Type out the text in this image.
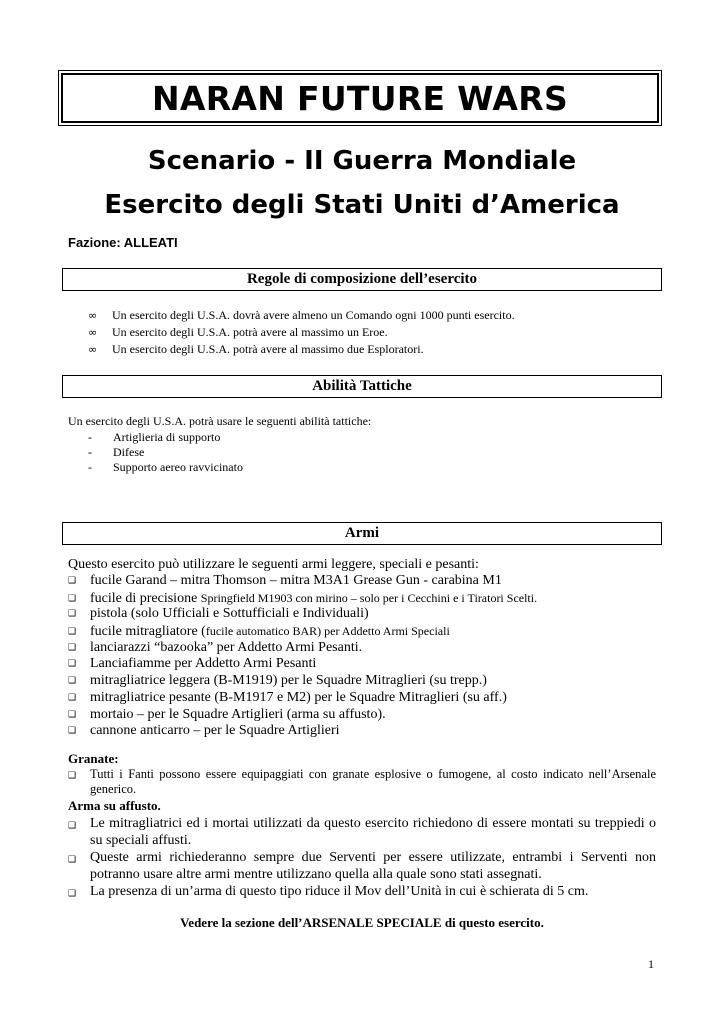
NARAN FUTURE WARS
Scenario - II Guerra Mondiale
Esercito degli Stati Uniti d’America
Fazione: ALLEATI
Regole di composizione dell’esercito
∞ Un esercito degli U.S.A. dovrà avere almeno un Comando ogni 1000 punti esercito.
∞ Un esercito degli U.S.A. potrà avere al massimo un Eroe.
∞ Un esercito degli U.S.A. potrà avere al massimo due Esploratori.
Abilità Tattiche
Un esercito degli U.S.A. potrà usare le seguenti abilità tattiche:
- Artiglieria di supporto
- Difese
- Supporto aereo ravvicinato
Armi
Questo esercito può utilizzare le seguenti armi leggere, speciali e pesanti:
❑ fucile Garand – mitra Thomson – mitra M3A1 Grease Gun - carabina M1
❑ fucile di precisione Springfield M1903 con mirino – solo per i Cecchini e i Tiratori Scelti.
❑ pistola (solo Ufficiali e Sottufficiali e Individuali)
❑ fucile mitragliatore (fucile automatico BAR) per Addetto Armi Speciali
❑ lanciarazzi “bazooka” per Addetto Armi Pesanti.
❑ Lanciafiamme per Addetto Armi Pesanti
❑ mitragliatrice leggera (B-M1919) per le Squadre Mitraglieri (su trepp.)
❑ mitragliatrice pesante (B-M1917 e M2) per le Squadre Mitraglieri (su aff.)
❑ mortaio – per le Squadre Artiglieri (arma su affusto).
❑ cannone anticarro – per le Squadre Artiglieri
Granate:
❑ Tutti i Fanti possono essere equipaggiati con granate esplosive o fumogene, al costo indicato nell’Arsenale generico.
Arma su affusto.
❑ Le mitragliatrici ed i mortai utilizzati da questo esercito richiedono di essere montati su treppiedi o su speciali affusti.
❑ Queste armi richiederanno sempre due Serventi per essere utilizzate, entrambi i Serventi non potranno usare altre armi mentre utilizzano quella alla quale sono stati assegnati.
❑ La presenza di un’arma di questo tipo riduce il Mov dell’Unità in cui è schierata di 5 cm.
Vedere la sezione dell’ARSENALE SPECIALE di questo esercito.
1
